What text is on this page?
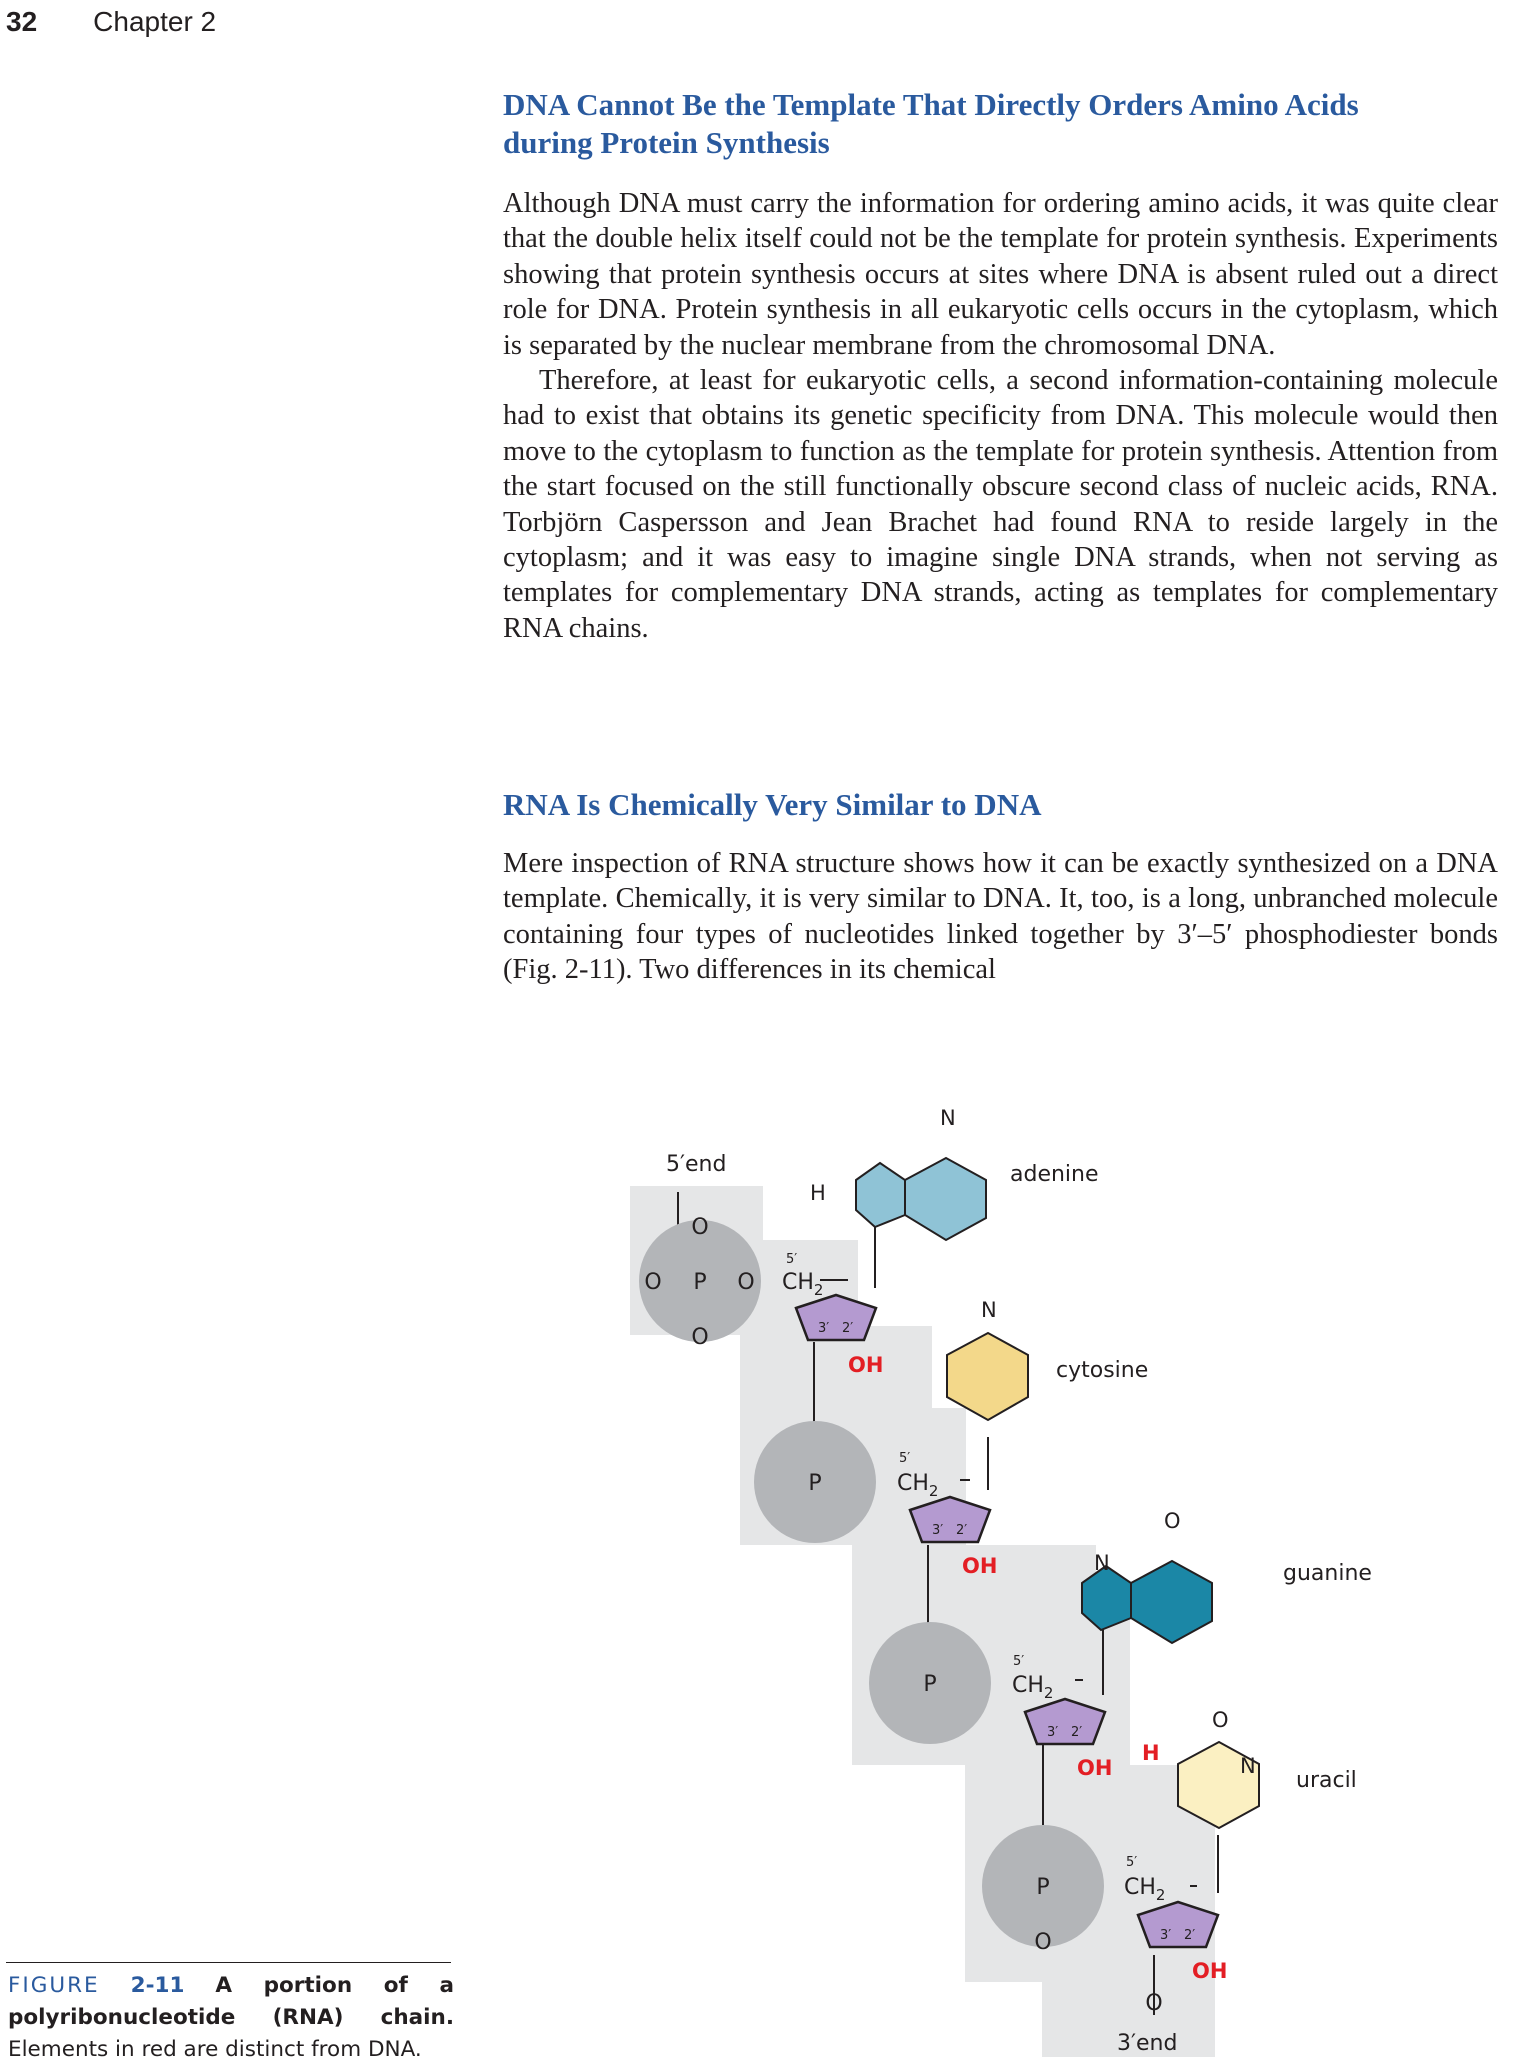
32 Chapter 2
DNA Cannot Be the Template That Directly Orders Amino Acids
during Protein Synthesis

Although DNA must carry the information for ordering amino acids, it was quite clear that the double helix itself could not be the template for protein synthesis. Experiments showing that protein synthesis occurs at sites where DNA is absent ruled out a direct role for DNA. Protein synthesis in all eukaryotic cells occurs in the cytoplasm, which is separated by the nuclear membrane from the chromosomal DNA.

Therefore, at least for eukaryotic cells, a second information-containing molecule had to exist that obtains its genetic specificity from DNA. This molecule would then move to the cytoplasm to function as the template for protein synthesis. Attention from the start focused on the still functionally obscure second class of nucleic acids, RNA. Torbjörn Caspersson and Jean Brachet had found RNA to reside largely in the cytoplasm; and it was easy to imagine single DNA strands, when not serving as templates for complementary DNA strands, acting as templates for complementary RNA chains.

RNA Is Chemically Very Similar to DNA

Mere inspection of RNA structure shows how it can be exactly synthesized on a DNA template. Chemically, it is very similar to DNA. It, too, is a long, unbranched molecule containing four types of nucleotides linked together by 3′–5′ phosphodiester bonds (Fig. 2-11). Two differences in its chemical

5′end
3′end
adenine
cytosine
guanine
uracil
P
P
P
P
O
O
O	O
O
O
$CH_2$
$CH_2$
$CH_2$
$CH_2$
5′
5′
5′
5′
3′ 2′
3′ 2′
3′ 2′
3′ 2′
OH
OH
OH
OH
H
H
N
N
N
O
O
N
FIGURE 2-11 A portion of a polyribonucleotide (RNA) chain. Elements in red are distinct from DNA.
